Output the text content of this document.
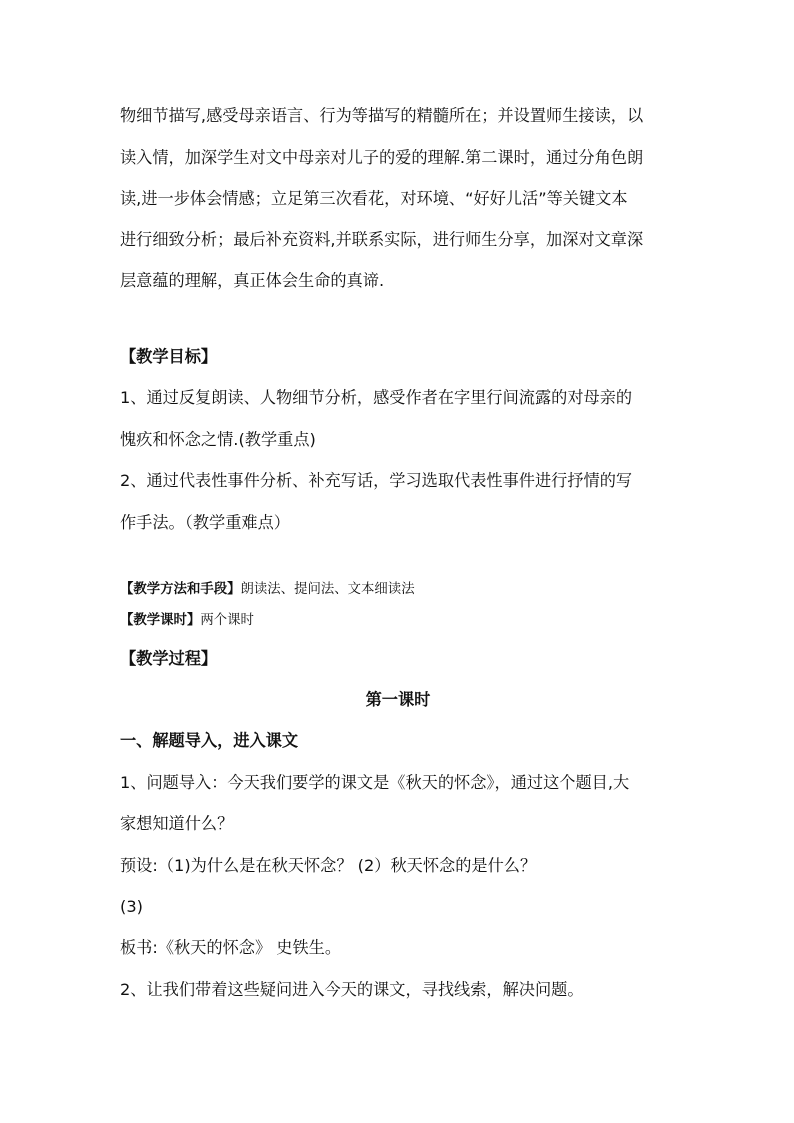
物细节描写,感受母亲语言、行为等描写的精髓所在；并设置师生接读，以
读入情，加深学生对文中母亲对儿子的爱的理解.第二课时，通过分角色朗
读,进一步体会情感；立足第三次看花，对环境、“好好儿活”等关键文本
进行细致分析；最后补充资料,并联系实际，进行师生分享，加深对文章深
层意蕴的理解，真正体会生命的真谛.
【教学目标】
1、通过反复朗读、人物细节分析，感受作者在字里行间流露的对母亲的
愧疚和怀念之情.(教学重点)
2、通过代表性事件分析、补充写话，学习选取代表性事件进行抒情的写
作手法。（教学重难点）
【教学方法和手段】朗读法、提问法、文本细读法
【教学课时】两个课时
【教学过程】
第一课时
一、解题导入，进入课文
1、问题导入：今天我们要学的课文是《秋天的怀念》，通过这个题目,大
家想知道什么？
预设:（1)为什么是在秋天怀念？ (2）秋天怀念的是什么？
(3)
板书:《秋天的怀念》 史铁生。
2、让我们带着这些疑问进入今天的课文，寻找线索，解决问题。
